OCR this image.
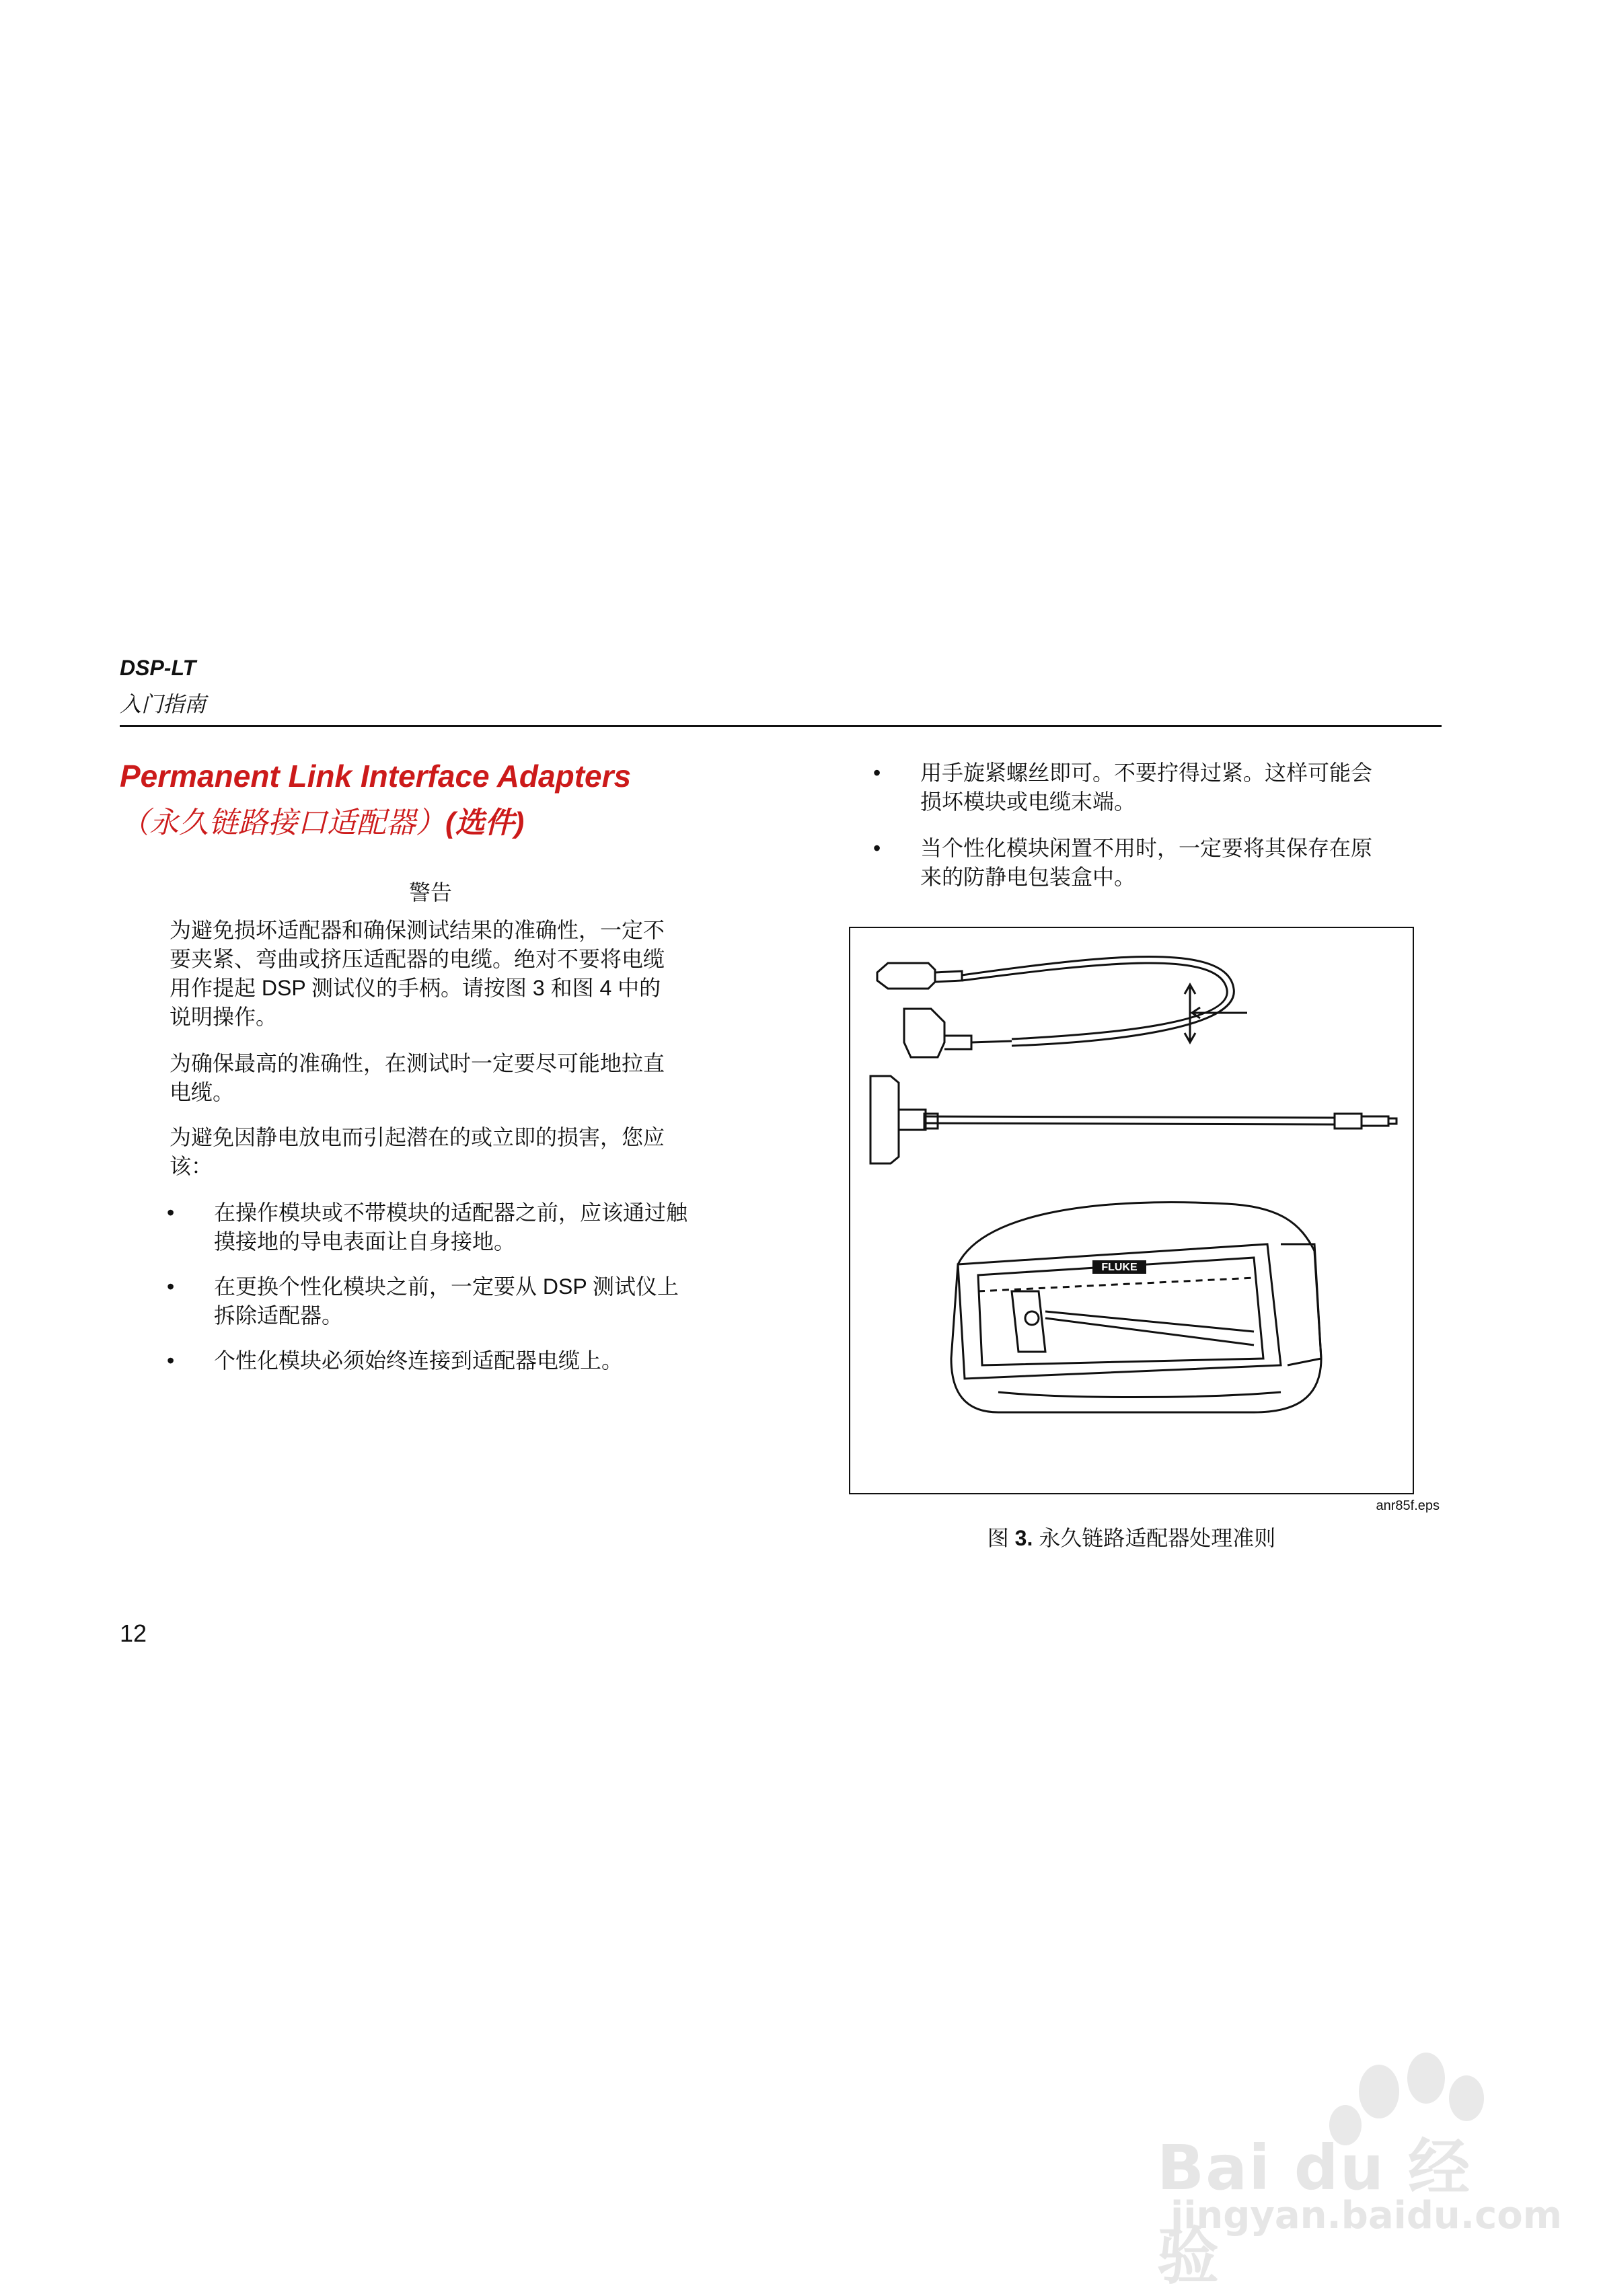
DSP-LT
入门指南
Permanent Link Interface Adapters
（永久链路接口适配器）(选件)
警告
为避免损坏适配器和确保测试结果的准确性，一定不要夹紧、弯曲或挤压适配器的电缆。绝对不要将电缆用作提起 DSP 测试仪的手柄。请按图 3 和图 4 中的说明操作。
为确保最高的准确性，在测试时一定要尽可能地拉直电缆。
为避免因静电放电而引起潜在的或立即的损害，您应该：
•	在操作模块或不带模块的适配器之前，应该通过触摸接地的导电表面让自身接地。
•	在更换个性化模块之前，一定要从 DSP 测试仪上拆除适配器。
•	个性化模块必须始终连接到适配器电缆上。
•	用手旋紧螺丝即可。不要拧得过紧。这样可能会损坏模块或电缆末端。
•	当个性化模块闲置不用时，一定要将其保存在原来的防静电包装盒中。
FLUKE
anr85f.eps
图 3. 永久链路适配器处理准则
12
Bai du 经验
jingyan.baidu.com
